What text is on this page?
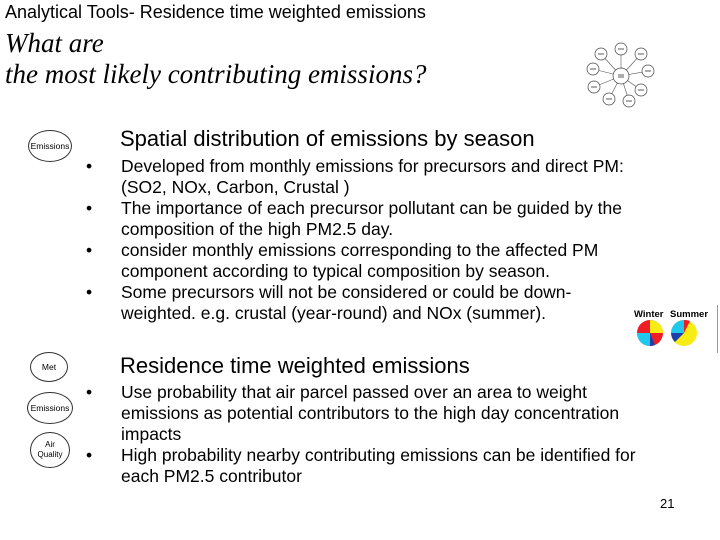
Analytical Tools- Residence time weighted emissions
What are
the most likely contributing emissions?
Emissions
Met
Emissions
Air
Quality
Spatial distribution of emissions by season
• Developed from monthly emissions for precursors and direct PM: (SO2, NOx, Carbon, Crustal )
• The importance of each precursor pollutant can be guided by the composition of the high PM2.5 day.
• consider monthly emissions corresponding to the affected PM component according to typical composition by season.
• Some precursors will not be considered or could be down-weighted. e.g. crustal (year-round) and NOx (summer).	Winter Summer
Residence time weighted emissions
• Use probability that air parcel passed over an area to weight emissions as potential contributors to the high day concentration impacts
• High probability nearby contributing emissions can be identified for each PM2.5 contributor
21
